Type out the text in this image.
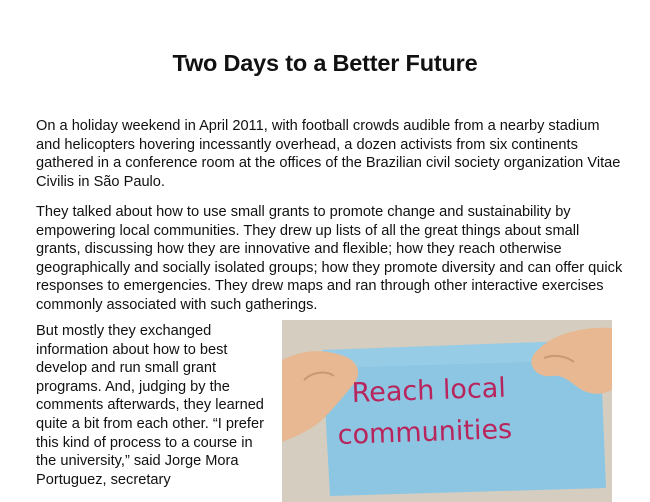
Two Days to a Better Future

On a holiday weekend in April 2011, with football crowds audible from a nearby stadium and helicopters hovering incessantly overhead, a dozen activists from six continents gathered in a conference room at the offices of the Brazilian civil society organization Vitae Civilis in São Paulo.

They talked about how to use small grants to promote change and sustainability by empowering local communities. They drew up lists of all the great things about small grants, discussing how they are innovative and flexible; how they reach otherwise geographically and socially isolated groups; how they promote diversity and can offer quick responses to emergencies. They drew maps and ran through other interactive exercises commonly associated with such gatherings.

But mostly they exchanged information about how to best develop and run small grant programs. And, judging by the comments afterwards, they learned quite a bit from each other. “I prefer this kind of process to a course in the university,” said Jorge Mora Portuguez, secretary

Reach local
communities
